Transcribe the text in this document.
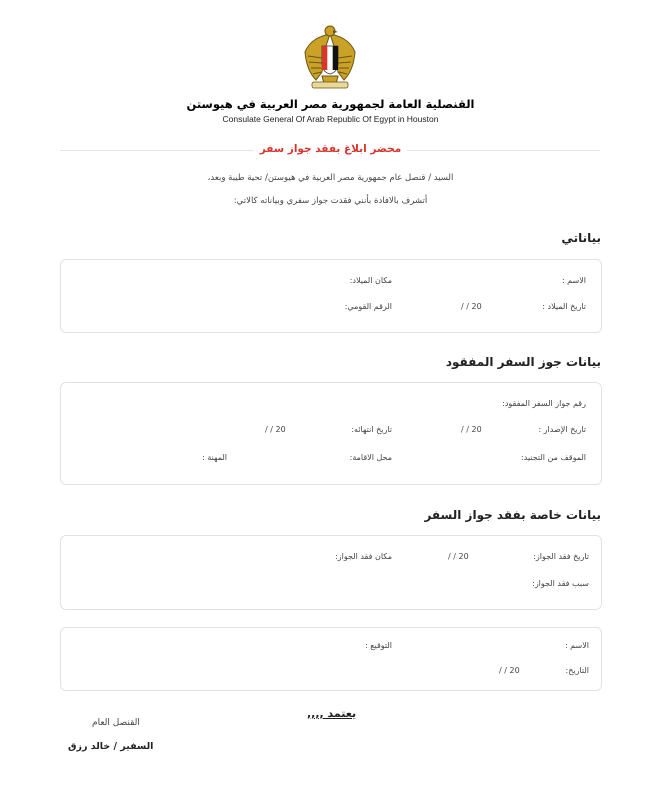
القنصلية العامة لجمهورية مصر العربية في هيوستن
Consulate General Of Arab Republic Of Egypt in Houston
محضر ابلاغ بفقد جواز سفر
السيد / قنصل عام جمهورية مصر العربية في هيوستن/ تحية طيبة وبعد،
أتشرف بالافادة بأنني فقدت جواز سفري وبياناته كالاتي:
بياناتي
الاسم :
مكان الميلاد:
تاريخ الميلاد :
/ / 20
الرقم القومي:
بيانات جوز السفر المفقود
رقم جواز السفر المفقود:
تاريخ الإصدار :
/ / 20
تاريخ انتهائه:
/ / 20
الموقف من التجنيد:
محل الاقامة:
المهنة :
بيانات خاصة بفقد جواز السفر
تاريخ فقد الجواز:
/ / 20
مكان فقد الجواز:
سبب فقد الجواز:
الاسم :
التوقيع :
التاريخ:
/ / 20
يعتمد ,,,,
القنصل العام
السفير / خالد رزق
